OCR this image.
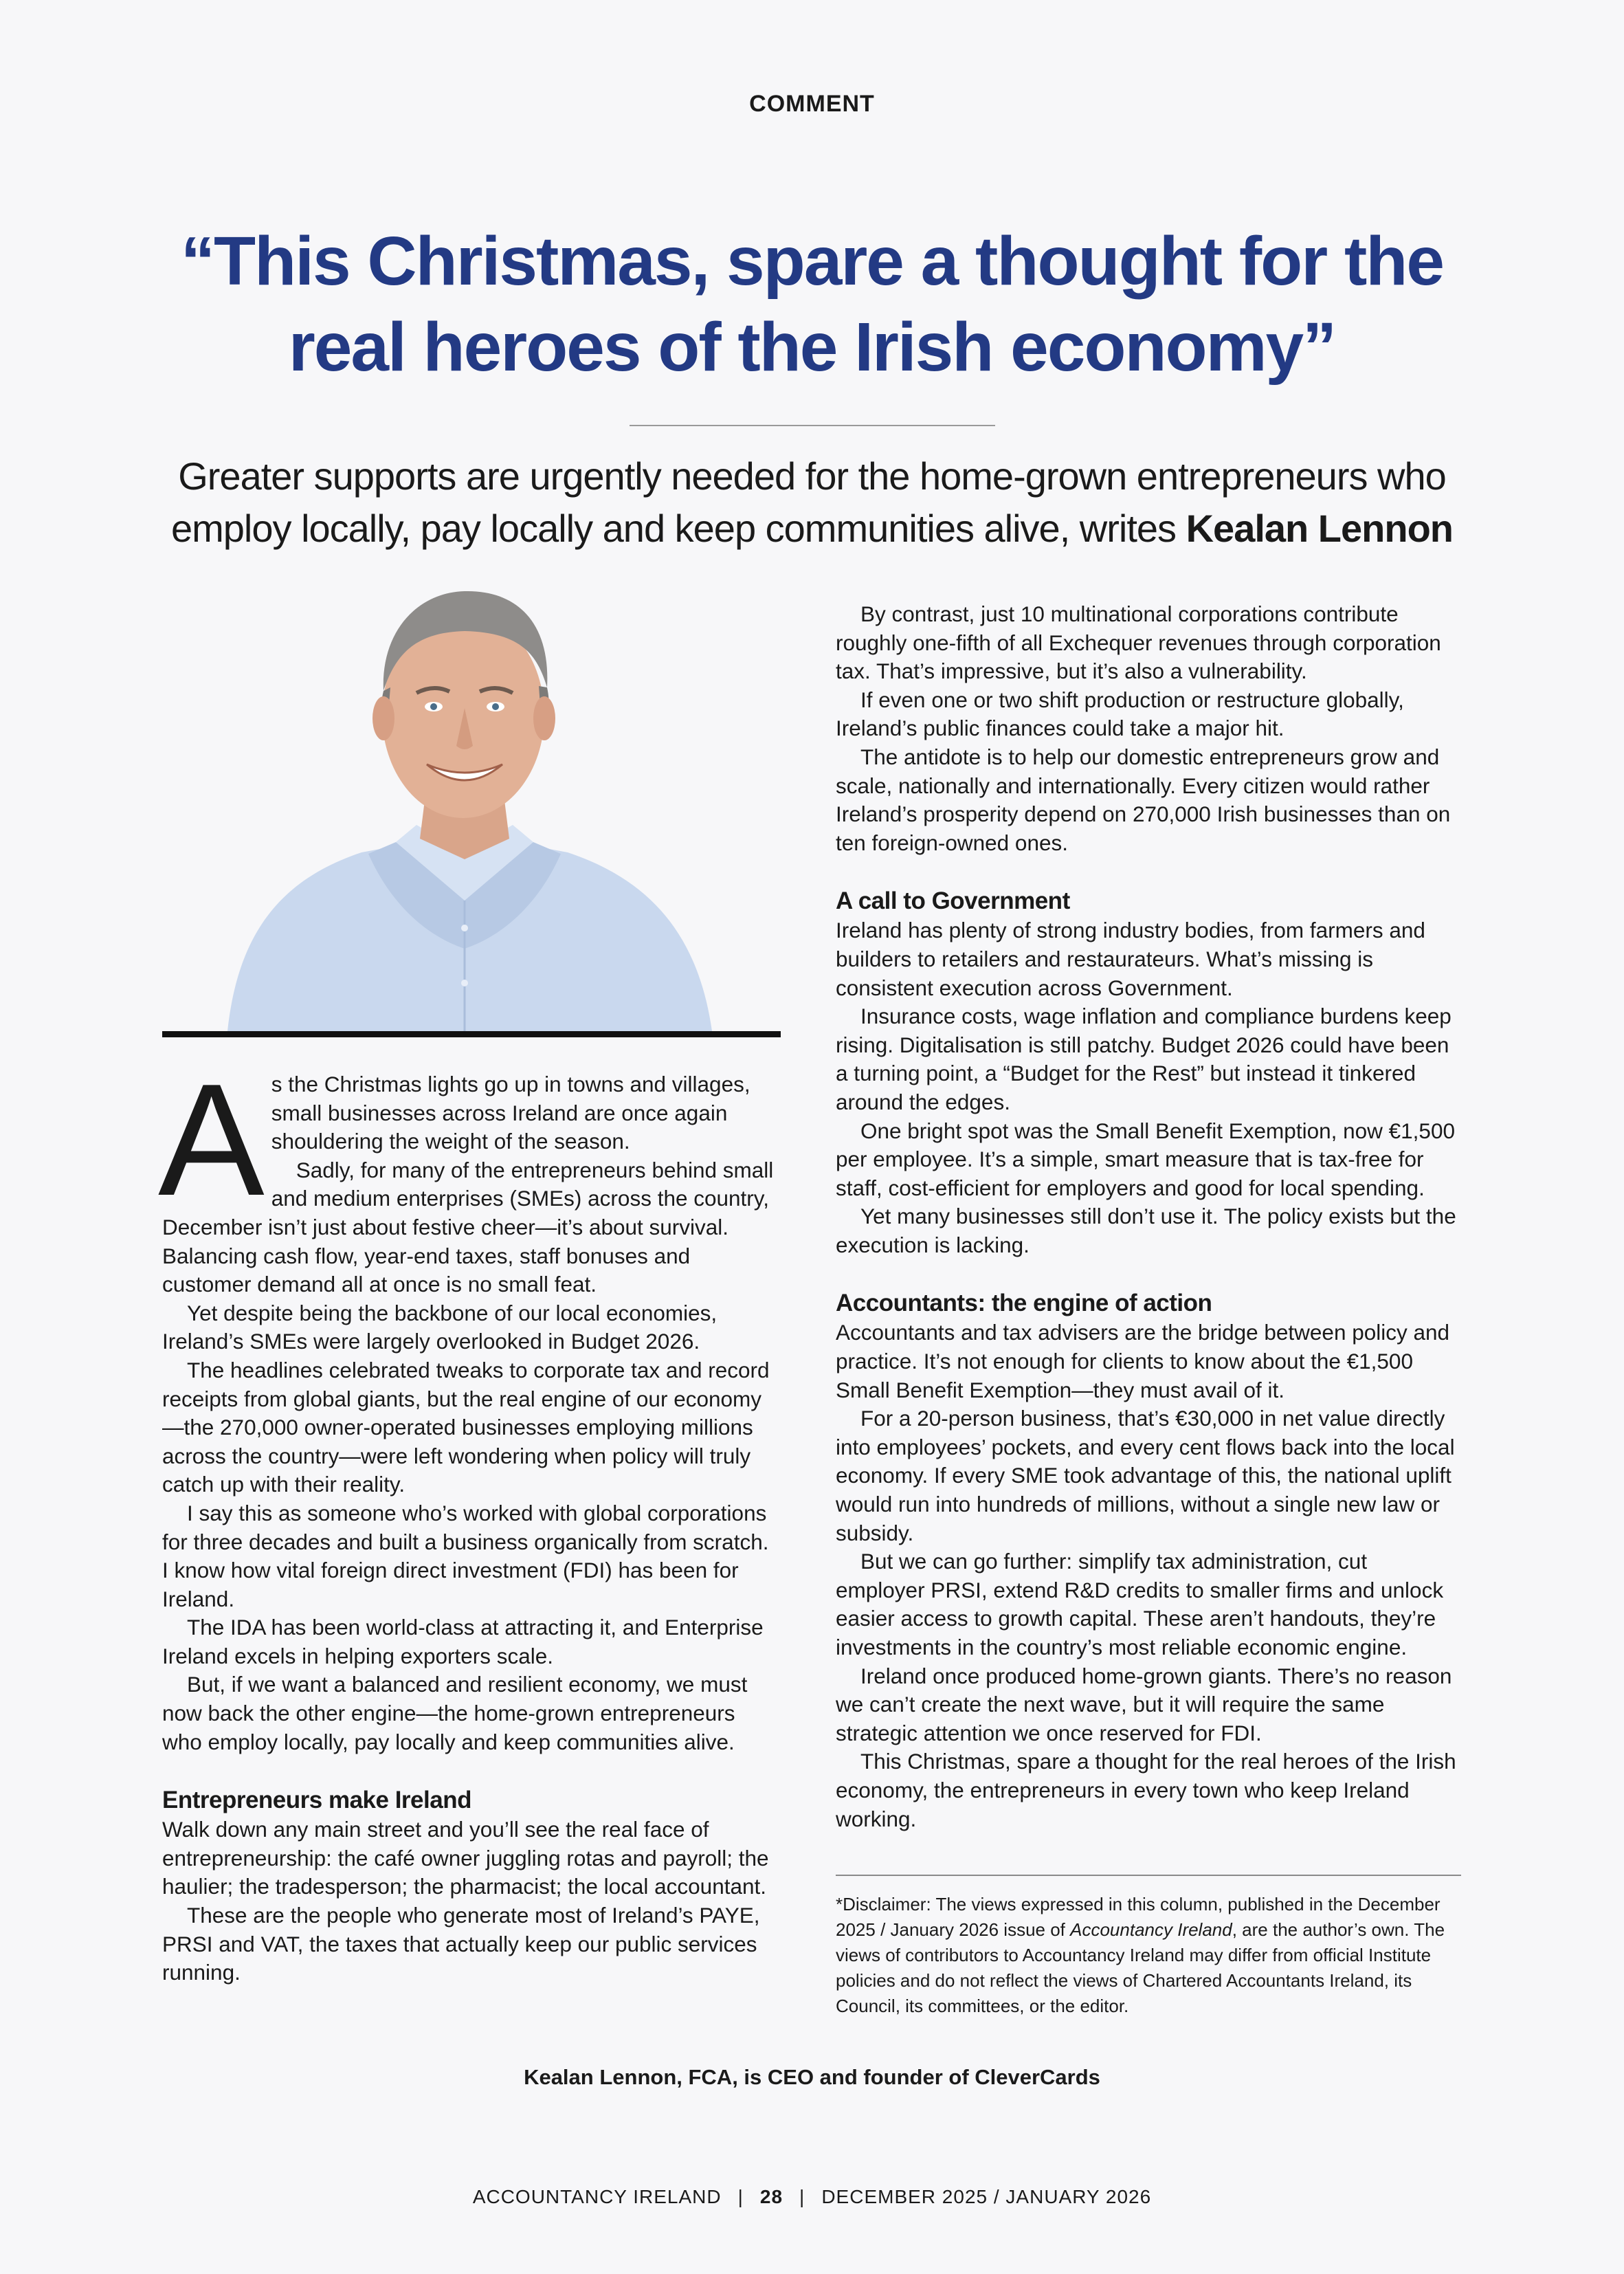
COMMENT
“This Christmas, spare a thought for the real heroes of the Irish economy”

Greater supports are urgently needed for the home-grown entrepreneurs who employ locally, pay locally and keep communities alive, writes Kealan Lennon

As the Christmas lights go up in towns and villages, small businesses across Ireland are once again shouldering the weight of the season.

Sadly, for many of the entrepreneurs behind small and medium enterprises (SMEs) across the country, December isn’t just about festive cheer—it’s about survival. Balancing cash flow, year-end taxes, staff bonuses and customer demand all at once is no small feat.

Yet despite being the backbone of our local economies, Ireland’s SMEs were largely overlooked in Budget 2026.

The headlines celebrated tweaks to corporate tax and record receipts from global giants, but the real engine of our economy—the 270,000 owner-operated businesses employing millions across the country—were left wondering when policy will truly catch up with their reality.

I say this as someone who’s worked with global corporations for three decades and built a business organically from scratch. I know how vital foreign direct investment (FDI) has been for Ireland.

The IDA has been world-class at attracting it, and Enterprise Ireland excels in helping exporters scale.

But, if we want a balanced and resilient economy, we must now back the other engine—the home-grown entrepreneurs who employ locally, pay locally and keep communities alive.

Entrepreneurs make Ireland

Walk down any main street and you’ll see the real face of entrepreneurship: the café owner juggling rotas and payroll; the haulier; the tradesperson; the pharmacist; the local accountant.

These are the people who generate most of Ireland’s PAYE, PRSI and VAT, the taxes that actually keep our public services running.

By contrast, just 10 multinational corporations contribute roughly one-fifth of all Exchequer revenues through corporation tax. That’s impressive, but it’s also a vulnerability.

If even one or two shift production or restructure globally, Ireland’s public finances could take a major hit.

The antidote is to help our domestic entrepreneurs grow and scale, nationally and internationally. Every citizen would rather Ireland’s prosperity depend on 270,000 Irish businesses than on ten foreign-owned ones.

A call to Government

Ireland has plenty of strong industry bodies, from farmers and builders to retailers and restaurateurs. What’s missing is consistent execution across Government.

Insurance costs, wage inflation and compliance burdens keep rising. Digitalisation is still patchy. Budget 2026 could have been a turning point, a “Budget for the Rest” but instead it tinkered around the edges.

One bright spot was the Small Benefit Exemption, now €1,500 per employee. It’s a simple, smart measure that is tax-free for staff, cost-efficient for employers and good for local spending.

Yet many businesses still don’t use it. The policy exists but the execution is lacking.

Accountants: the engine of action

Accountants and tax advisers are the bridge between policy and practice. It’s not enough for clients to know about the €1,500 Small Benefit Exemption—they must avail of it.

For a 20-person business, that’s €30,000 in net value directly into employees’ pockets, and every cent flows back into the local economy. If every SME took advantage of this, the national uplift would run into hundreds of millions, without a single new law or subsidy.

But we can go further: simplify tax administration, cut employer PRSI, extend R&D credits to smaller firms and unlock easier access to growth capital. These aren’t handouts, they’re investments in the country’s most reliable economic engine.

Ireland once produced home-grown giants. There’s no reason we can’t create the next wave, but it will require the same strategic attention we once reserved for FDI.

This Christmas, spare a thought for the real heroes of the Irish economy, the entrepreneurs in every town who keep Ireland working.

*Disclaimer: The views expressed in this column, published in the December 2025 / January 2026 issue of Accountancy Ireland, are the author’s own. The views of contributors to Accountancy Ireland may differ from official Institute policies and do not reflect the views of Chartered Accountants Ireland, its Council, its committees, or the editor.

Kealan Lennon, FCA, is CEO and founder of CleverCards
ACCOUNTANCY IRELAND | 28 | DECEMBER 2025 / JANUARY 2026
